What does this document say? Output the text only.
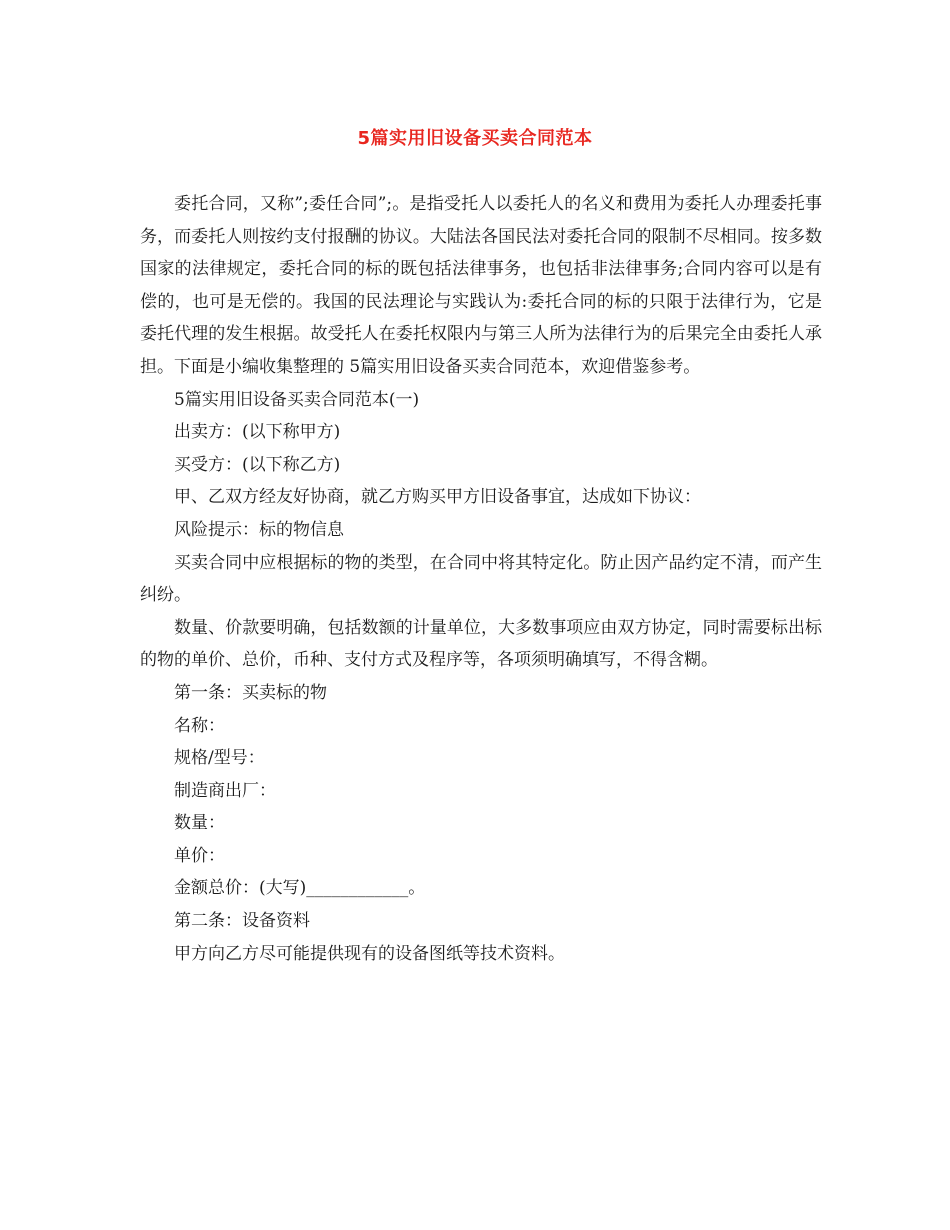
5篇实用旧设备买卖合同范本

委托合同，又称”;委任合同”;。是指受托人以委托人的名义和费用为委托人办理委托事务，而委托人则按约支付报酬的协议。大陆法各国民法对委托合同的限制不尽相同。按多数国家的法律规定，委托合同的标的既包括法律事务，也包括非法律事务;合同内容可以是有偿的，也可是无偿的。我国的民法理论与实践认为:委托合同的标的只限于法律行为，它是委托代理的发生根据。故受托人在委托权限内与第三人所为法律行为的后果完全由委托人承担。下面是小编收集整理的 5篇实用旧设备买卖合同范本，欢迎借鉴参考。

5篇实用旧设备买卖合同范本(一)

出卖方：(以下称甲方)

买受方：(以下称乙方)

甲、乙双方经友好协商，就乙方购买甲方旧设备事宜，达成如下协议：

风险提示：标的物信息

买卖合同中应根据标的物的类型，在合同中将其特定化。防止因产品约定不清，而产生纠纷。

数量、价款要明确，包括数额的计量单位，大多数事项应由双方协定，同时需要标出标的物的单价、总价，币种、支付方式及程序等，各项须明确填写，不得含糊。

第一条：买卖标的物

名称：

规格/型号：

制造商出厂：

数量：

单价：

金额总价：(大写)____________。

第二条：设备资料

甲方向乙方尽可能提供现有的设备图纸等技术资料。
